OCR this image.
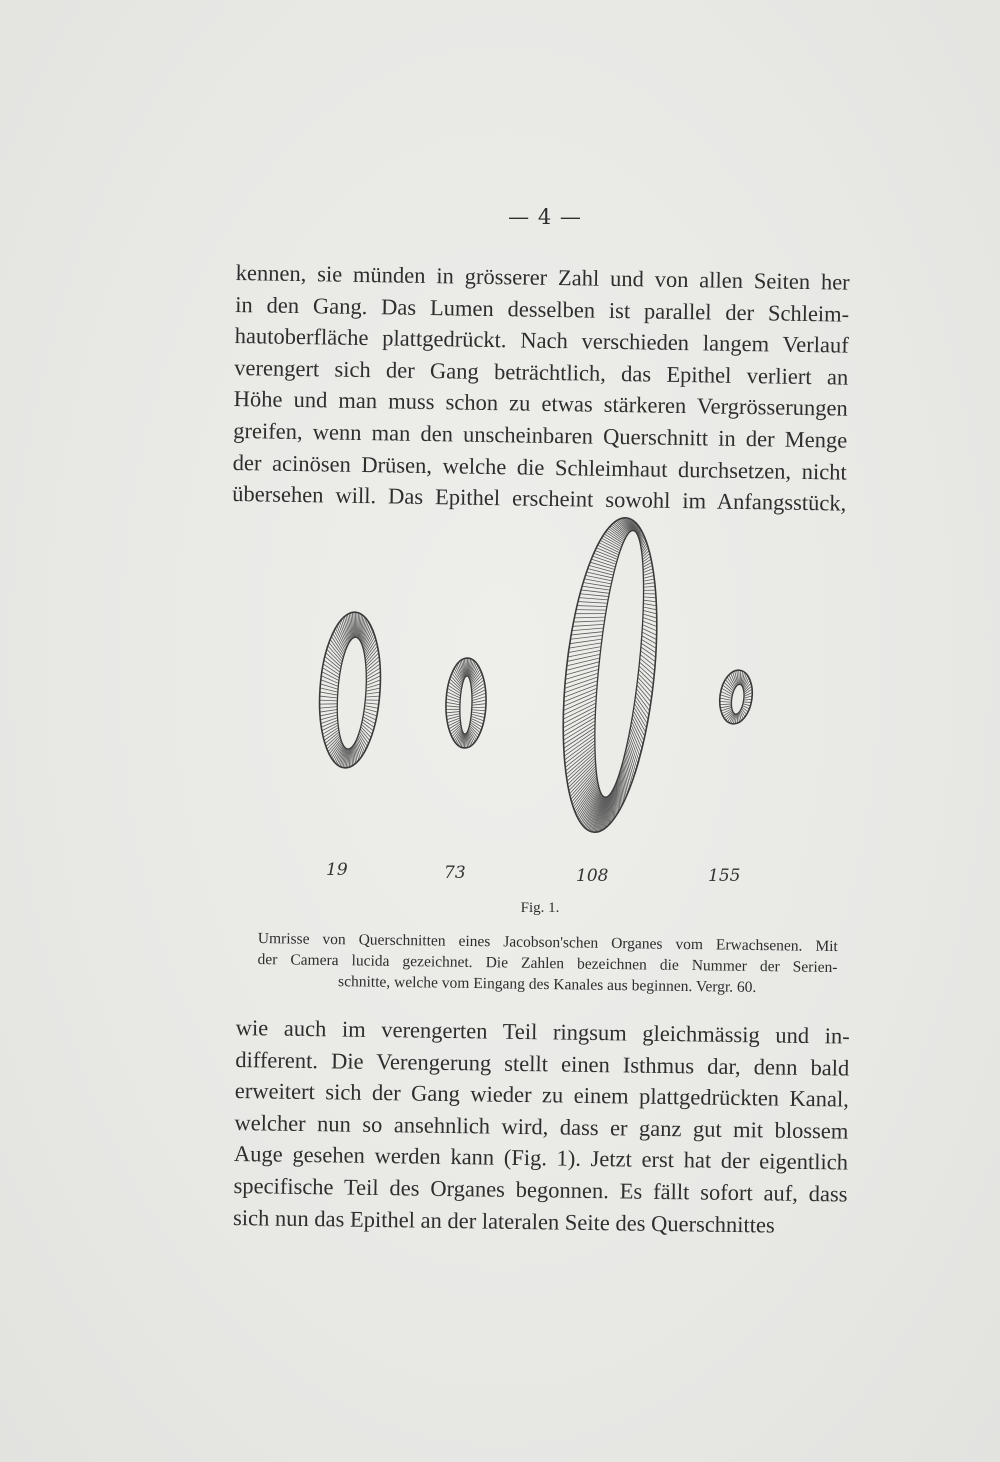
— 4 —
kennen, sie münden in grösserer Zahl und von allen Seiten her
in den Gang. Das Lumen desselben ist parallel der Schleim-
hautoberfläche plattgedrückt. Nach verschieden langem Verlauf
verengert sich der Gang beträchtlich, das Epithel verliert an
Höhe und man muss schon zu etwas stärkeren Vergrösserungen
greifen, wenn man den unscheinbaren Querschnitt in der Menge
der acinösen Drüsen, welche die Schleimhaut durchsetzen, nicht
übersehen will. Das Epithel erscheint sowohl im Anfangsstück,
19	73	108	155
Fig. 1.
Umrisse von Querschnitten eines Jacobson'schen Organes vom Erwachsenen. Mit
der Camera lucida gezeichnet. Die Zahlen bezeichnen die Nummer der Serien-
schnitte, welche vom Eingang des Kanales aus beginnen. Vergr. 60.
wie auch im verengerten Teil ringsum gleichmässig und in-
different. Die Verengerung stellt einen Isthmus dar, denn bald
erweitert sich der Gang wieder zu einem plattgedrückten Kanal,
welcher nun so ansehnlich wird, dass er ganz gut mit blossem
Auge gesehen werden kann (Fig. 1). Jetzt erst hat der eigentlich
specifische Teil des Organes begonnen. Es fällt sofort auf, dass
sich nun das Epithel an der lateralen Seite des Querschnittes
